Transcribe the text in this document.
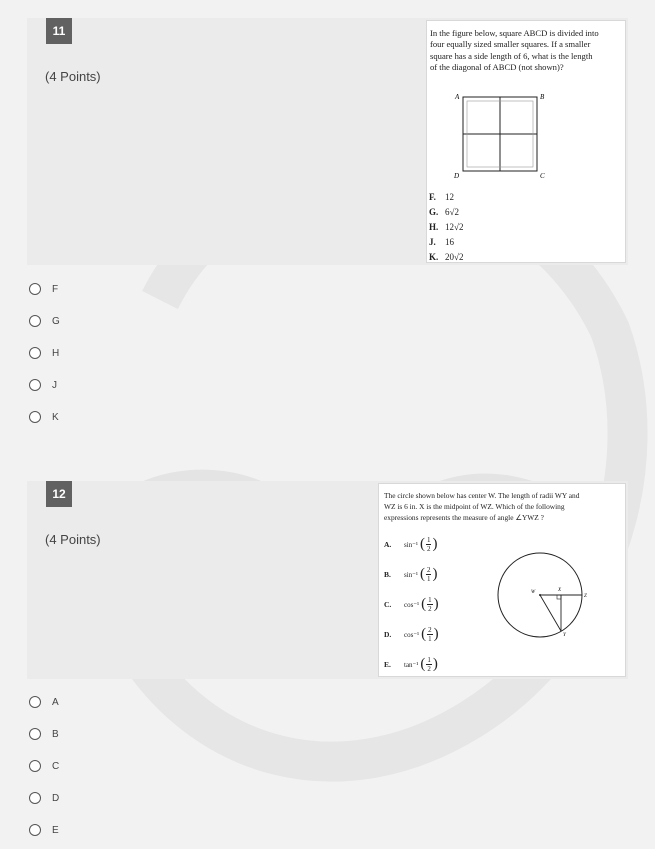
11
(4 Points)
In the figure below, square ABCD is divided into
four equally sized smaller squares. If a smaller
square has a side length of 6, what is the length
of the diagonal of ABCD (not shown)?
A	B
C
D
F. 12
G. 6√2
H. 12√2
J. 16
K. 20√2
F
G
H
J
K
12
(4 Points)
The circle shown below has center W. The length of radii WY and
WZ is 6 in. X is the midpoint of WZ. Which of the following
expressions represents the measure of angle ∠YWZ ?
A.	sin⁻¹ ( $\frac{1}{2}$ )
B.	sin⁻¹ ( $\frac{2}{1}$ )
C.	cos⁻¹ ( $\frac{1}{2}$ )
D.	cos⁻¹ ( $\frac{2}{1}$ )
E.	tan⁻¹ ( $\frac{1}{2}$ )
W	X
Y
Z
A
B
C
D
E
